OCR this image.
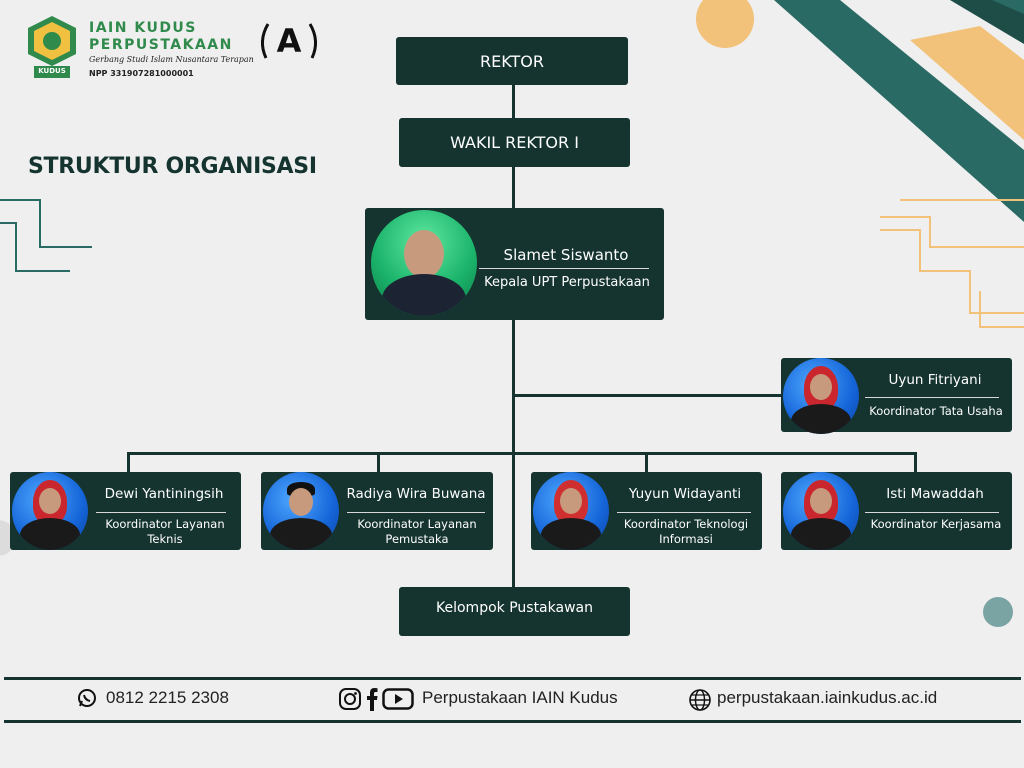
KUDUS
IAIN KUDUS
PERPUSTAKAAN
Gerbang Studi Islam Nusantara Terapan
NPP 331907281000001
A
STRUKTUR ORGANISASI
REKTOR
WAKIL REKTOR I
Slamet Siswanto
Kepala UPT Perpustakaan
Uyun Fitriyani
Koordinator Tata Usaha
Dewi Yantiningsih
Koordinator Layanan Teknis
Radiya Wira Buwana
Koordinator Layanan Pemustaka
Yuyun Widayanti
Koordinator Teknologi Informasi
Isti Mawaddah
Koordinator Kerjasama
Kelompok Pustakawan
0812 2215 2308	Perpustakaan IAIN Kudus	perpustakaan.iainkudus.ac.id
